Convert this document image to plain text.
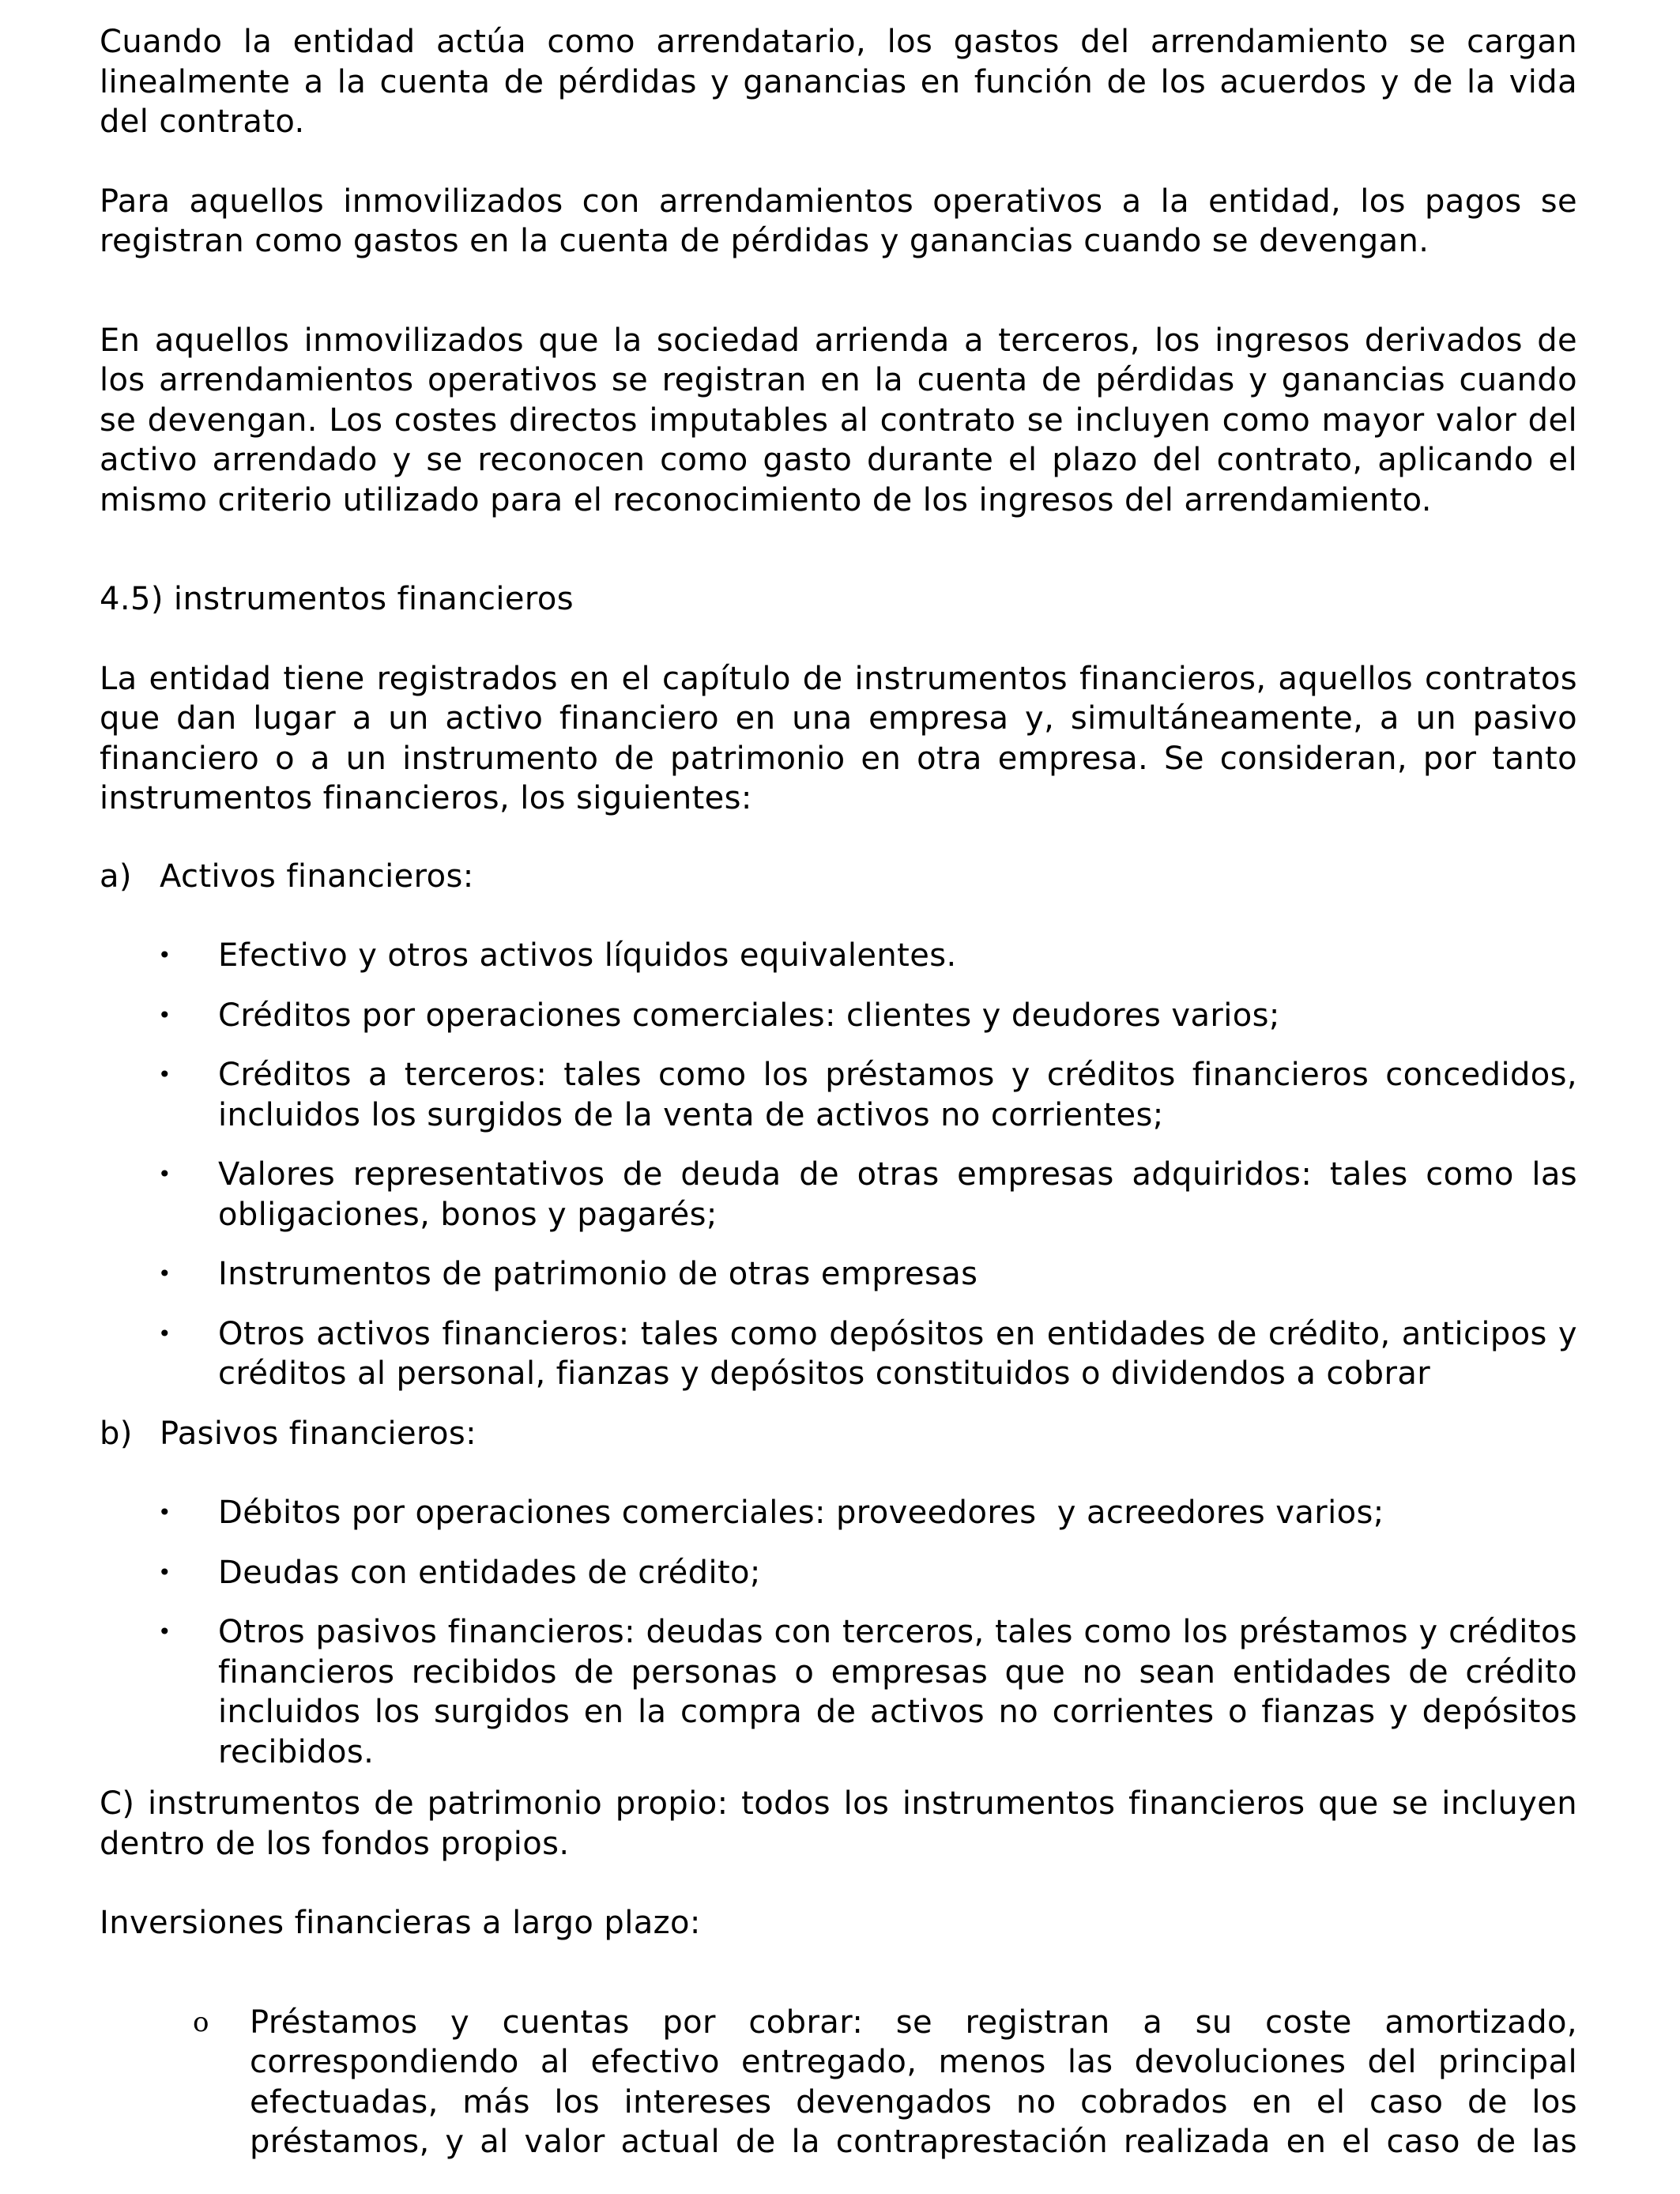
Cuando la entidad actúa como arrendatario, los gastos del arrendamiento se cargan linealmente a la cuenta de pérdidas y ganancias en función de los acuerdos y de la vida del contrato.

Para aquellos inmovilizados con arrendamientos operativos a la entidad, los pagos se registran como gastos en la cuenta de pérdidas y ganancias cuando se devengan.

En aquellos inmovilizados que la sociedad arrienda a terceros, los ingresos derivados de los arrendamientos operativos se registran en la cuenta de pérdidas y ganancias cuando se devengan. Los costes directos imputables al contrato se incluyen como mayor valor del activo arrendado y se reconocen como gasto durante el plazo del contrato, aplicando el mismo criterio utilizado para el reconocimiento de los ingresos del arrendamiento.

4.5) instrumentos financieros

La entidad tiene registrados en el capítulo de instrumentos financieros, aquellos contratos que dan lugar a un activo financiero en una empresa y, simultáneamente, a un pasivo financiero o a un instrumento de patrimonio en otra empresa. Se consideran, por tanto instrumentos financieros, los siguientes:

a) Activos financieros:
•	Efectivo y otros activos líquidos equivalentes.
•	Créditos por operaciones comerciales: clientes y deudores varios;
•	Créditos a terceros: tales como los préstamos y créditos financieros concedidos, incluidos los surgidos de la venta de activos no corrientes;
•	Valores representativos de deuda de otras empresas adquiridos: tales como las obligaciones, bonos y pagarés;
•	Instrumentos de patrimonio de otras empresas
•	Otros activos financieros: tales como depósitos en entidades de crédito, anticipos y créditos al personal, fianzas y depósitos constituidos o dividendos a cobrar
b) Pasivos financieros:
•	Débitos por operaciones comerciales: proveedores  y acreedores varios;
•	Deudas con entidades de crédito;
•	Otros pasivos financieros: deudas con terceros, tales como los préstamos y créditos financieros recibidos de personas o empresas que no sean entidades de crédito incluidos los surgidos en la compra de activos no corrientes o fianzas y depósitos recibidos.

C) instrumentos de patrimonio propio: todos los instrumentos financieros que se incluyen dentro de los fondos propios.

Inversiones financieras a largo plazo:

o	Préstamos y cuentas por cobrar: se registran a su coste amortizado, correspondiendo al efectivo entregado, menos las devoluciones del principal efectuadas, más los intereses devengados no cobrados en el caso de los préstamos, y al valor actual de la contraprestación realizada en el caso de las
